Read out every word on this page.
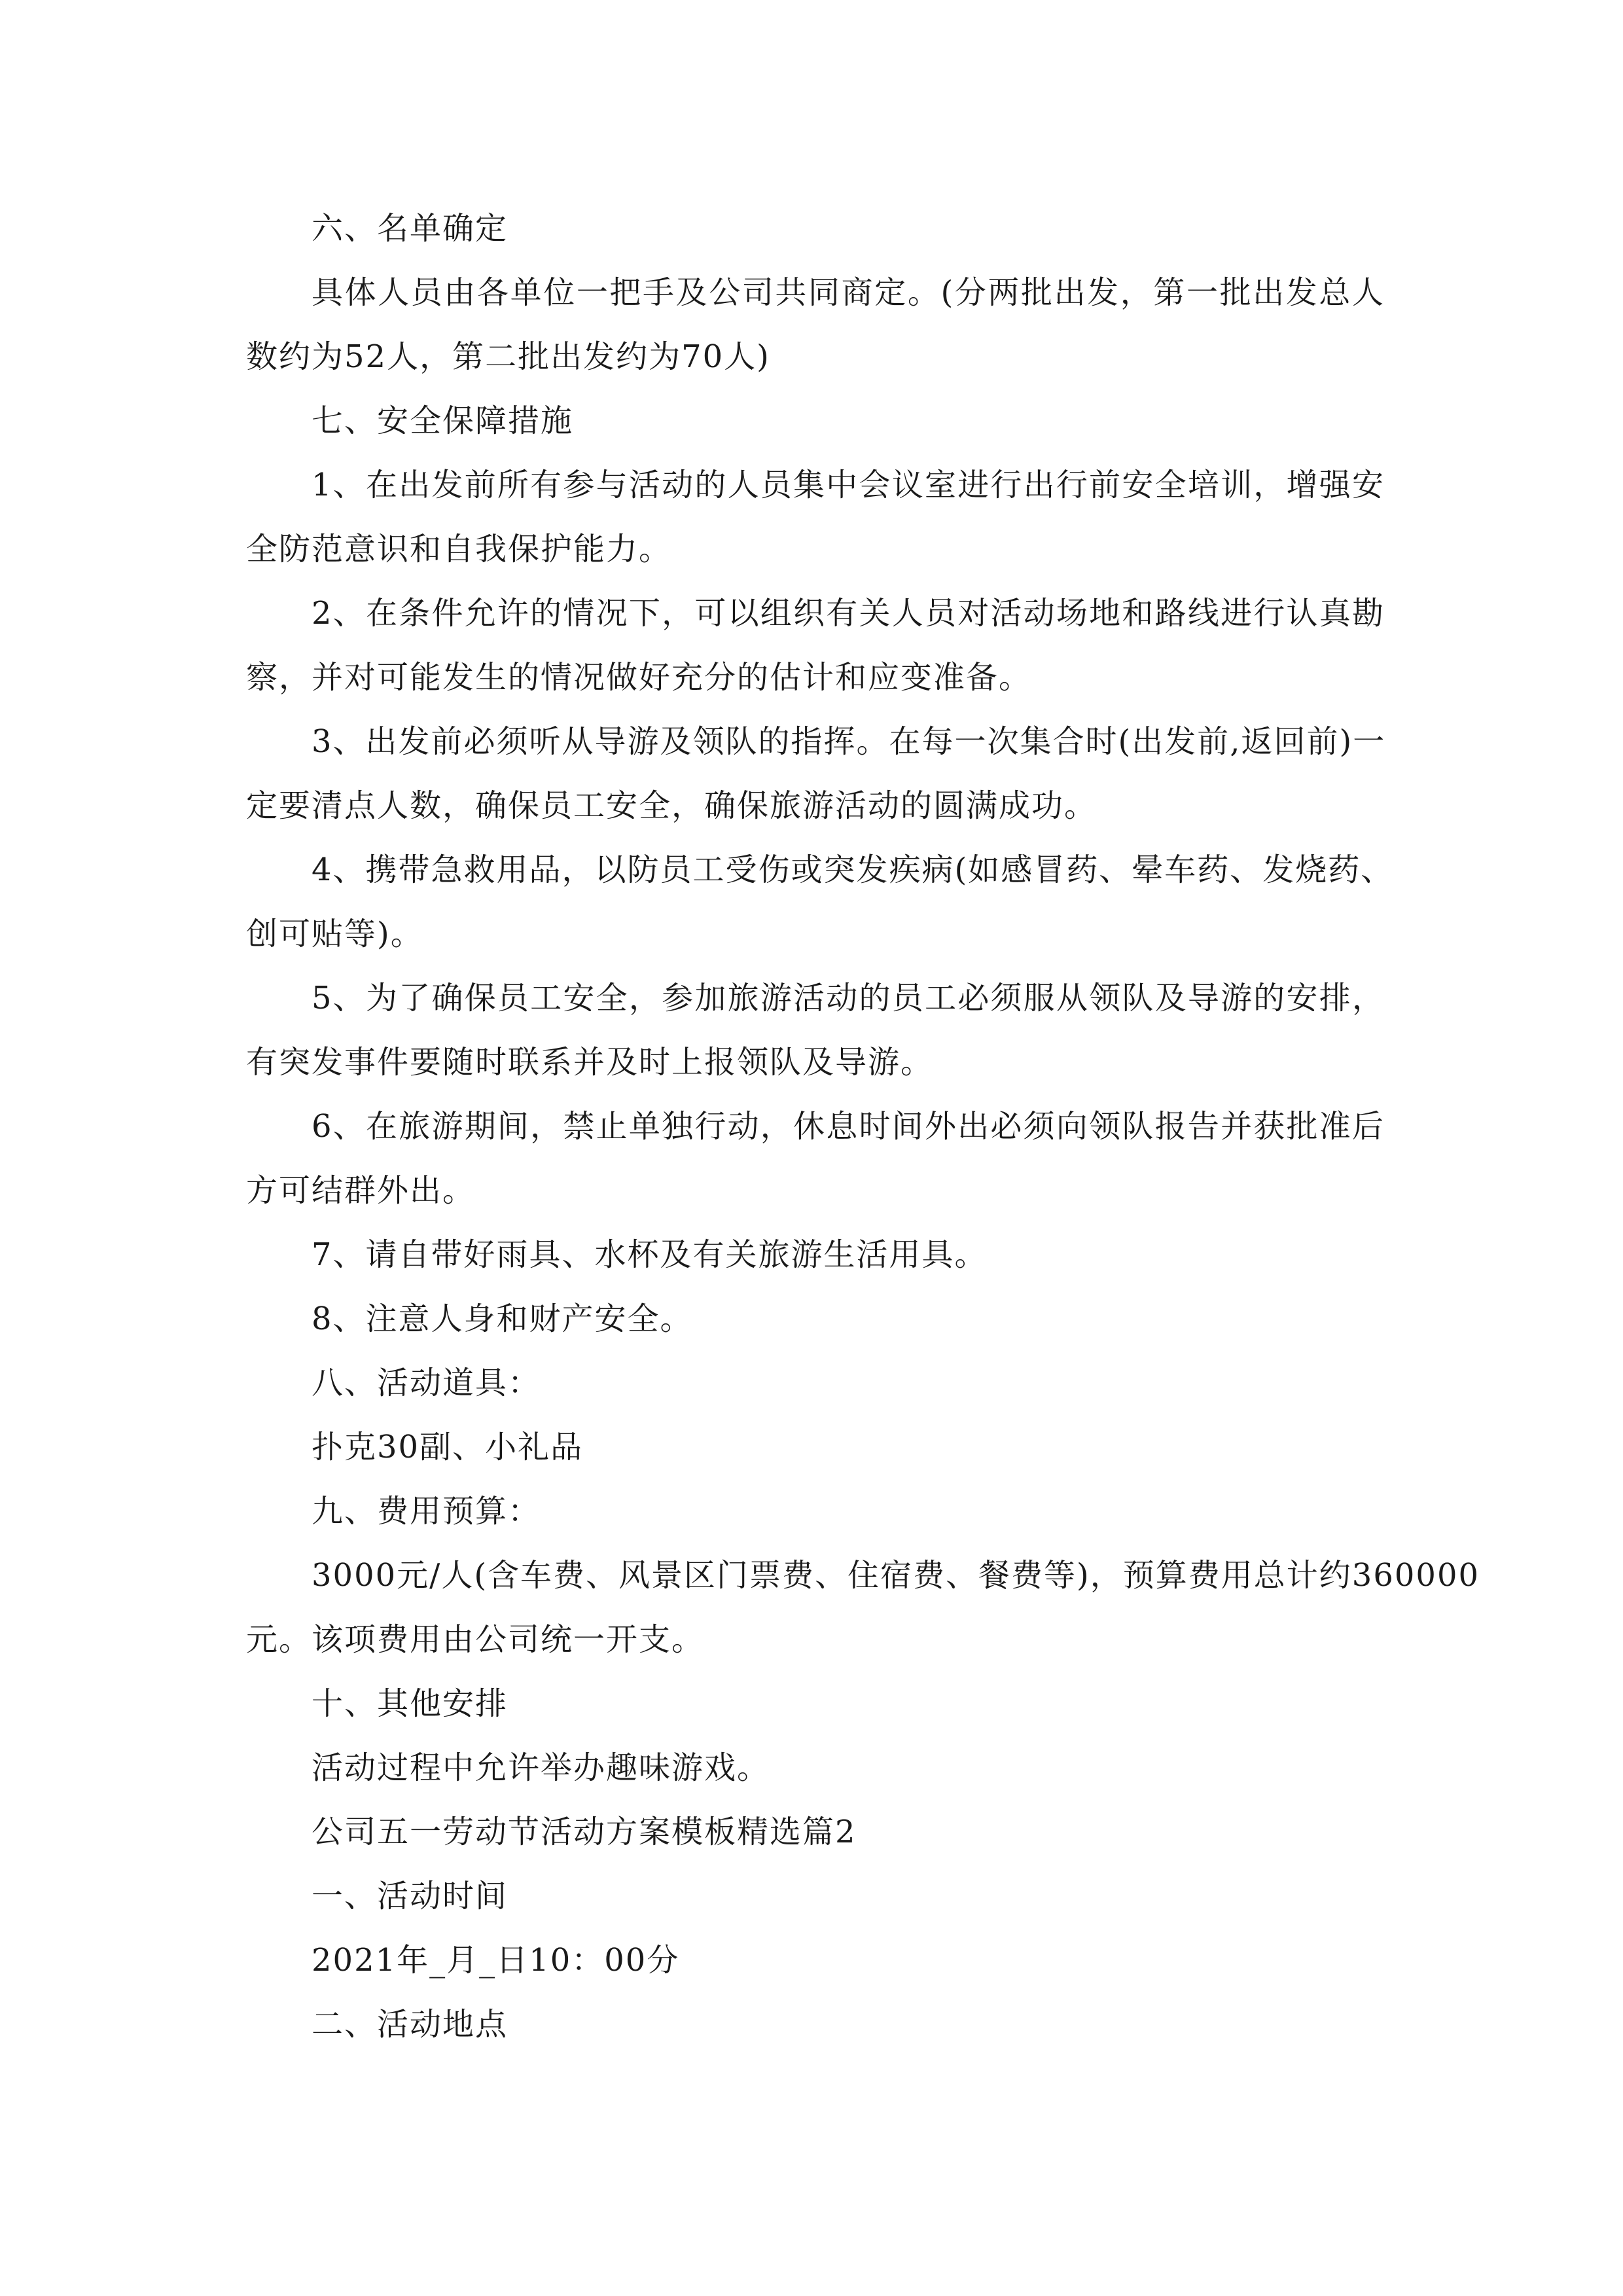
六、名单确定

具体人员由各单位一把手及公司共同商定。(分两批出发，第一批出发总人

数约为52人，第二批出发约为70人)

七、安全保障措施

1、在出发前所有参与活动的人员集中会议室进行出行前安全培训，增强安

全防范意识和自我保护能力。

2、在条件允许的情况下，可以组织有关人员对活动场地和路线进行认真勘

察，并对可能发生的情况做好充分的估计和应变准备。

3、出发前必须听从导游及领队的指挥。在每一次集合时(出发前,返回前)一

定要清点人数，确保员工安全，确保旅游活动的圆满成功。

4、携带急救用品，以防员工受伤或突发疾病(如感冒药、晕车药、发烧药、

创可贴等)。

5、为了确保员工安全，参加旅游活动的员工必须服从领队及导游的安排，

有突发事件要随时联系并及时上报领队及导游。

6、在旅游期间，禁止单独行动，休息时间外出必须向领队报告并获批准后

方可结群外出。

7、请自带好雨具、水杯及有关旅游生活用具。

8、注意人身和财产安全。

八、活动道具：

扑克30副、小礼品

九、费用预算：

3000元/人(含车费、风景区门票费、住宿费、餐费等)，预算费用总计约360000

元。该项费用由公司统一开支。

十、其他安排

活动过程中允许举办趣味游戏。

公司五一劳动节活动方案模板精选篇2

一、活动时间

2021年_月_日10：00分

二、活动地点
